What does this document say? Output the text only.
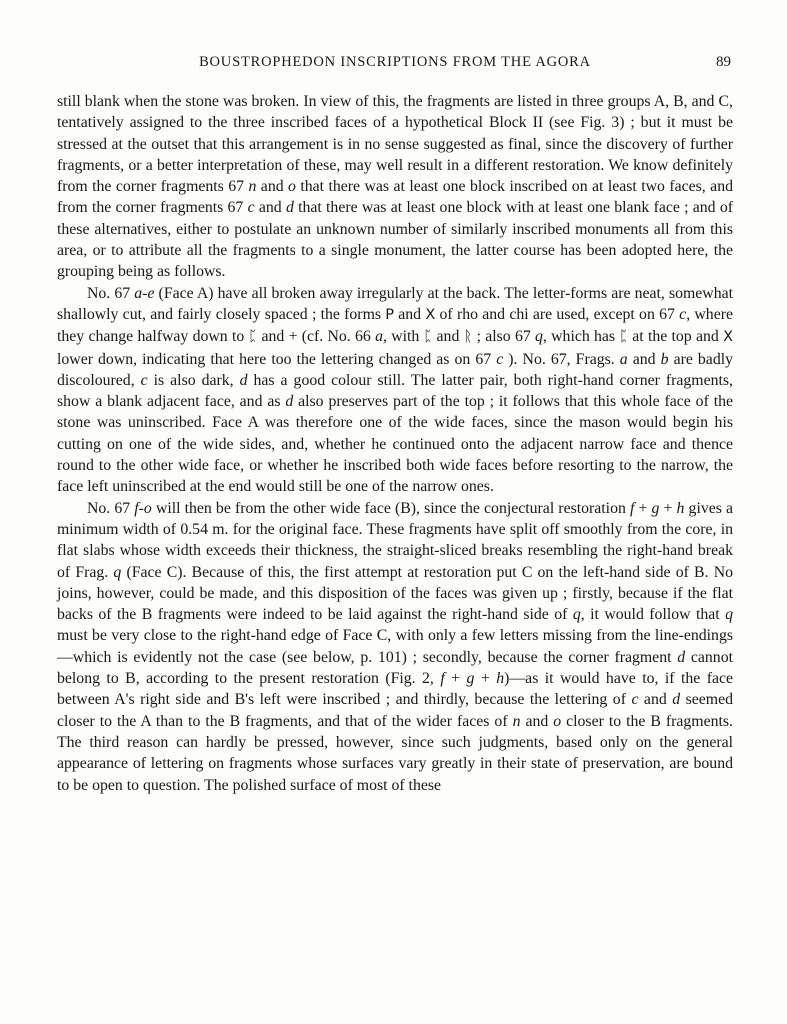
BOUSTROPHEDON INSCRIPTIONS FROM THE AGORA	89

still blank when the stone was broken. In view of this, the fragments are listed in three groups A, B, and C, tentatively assigned to the three inscribed faces of a hypothetical Block II (see Fig. 3) ; but it must be stressed at the outset that this arrangement is in no sense suggested as final, since the discovery of further fragments, or a better interpretation of these, may well result in a different restoration. We know definitely from the corner fragments 67 n and o that there was at least one block inscribed on at least two faces, and from the corner fragments 67 c and d that there was at least one block with at least one blank face ; and of these alternatives, either to postulate an unknown number of similarly inscribed monuments all from this area, or to attribute all the fragments to a single monument, the latter course has been adopted here, the grouping being as follows.

No. 67 a-e (Face A) have all broken away irregularly at the back. The letter-forms are neat, somewhat shallowly cut, and fairly closely spaced ; the forms P and X of rho and chi are used, except on 67 c, where they change halfway down to ᛈ and + (cf. No. 66 a, with ᛈ and ᚱ ; also 67 q, which has ᛈ at the top and X lower down, indicating that here too the lettering changed as on 67 c ). No. 67, Frags. a and b are badly discoloured, c is also dark, d has a good colour still. The latter pair, both right-hand corner fragments, show a blank adjacent face, and as d also preserves part of the top ; it follows that this whole face of the stone was uninscribed. Face A was therefore one of the wide faces, since the mason would begin his cutting on one of the wide sides, and, whether he continued onto the adjacent narrow face and thence round to the other wide face, or whether he inscribed both wide faces before resorting to the narrow, the face left uninscribed at the end would still be one of the narrow ones.

No. 67 f-o will then be from the other wide face (B), since the conjectural restoration f + g + h gives a minimum width of 0.54 m. for the original face. These fragments have split off smoothly from the core, in flat slabs whose width exceeds their thickness, the straight-sliced breaks resembling the right-hand break of Frag. q (Face C). Because of this, the first attempt at restoration put C on the left-hand side of B. No joins, however, could be made, and this disposition of the faces was given up ; firstly, because if the flat backs of the B fragments were indeed to be laid against the right-hand side of q, it would follow that q must be very close to the right-hand edge of Face C, with only a few letters missing from the line-endings—which is evidently not the case (see below, p. 101) ; secondly, because the corner fragment d cannot belong to B, according to the present restoration (Fig. 2, f + g + h)—as it would have to, if the face between A's right side and B's left were inscribed ; and thirdly, because the lettering of c and d seemed closer to the A than to the B fragments, and that of the wider faces of n and o closer to the B fragments. The third reason can hardly be pressed, however, since such judgments, based only on the general appearance of lettering on fragments whose surfaces vary greatly in their state of preservation, are bound to be open to question. The polished surface of most of these
